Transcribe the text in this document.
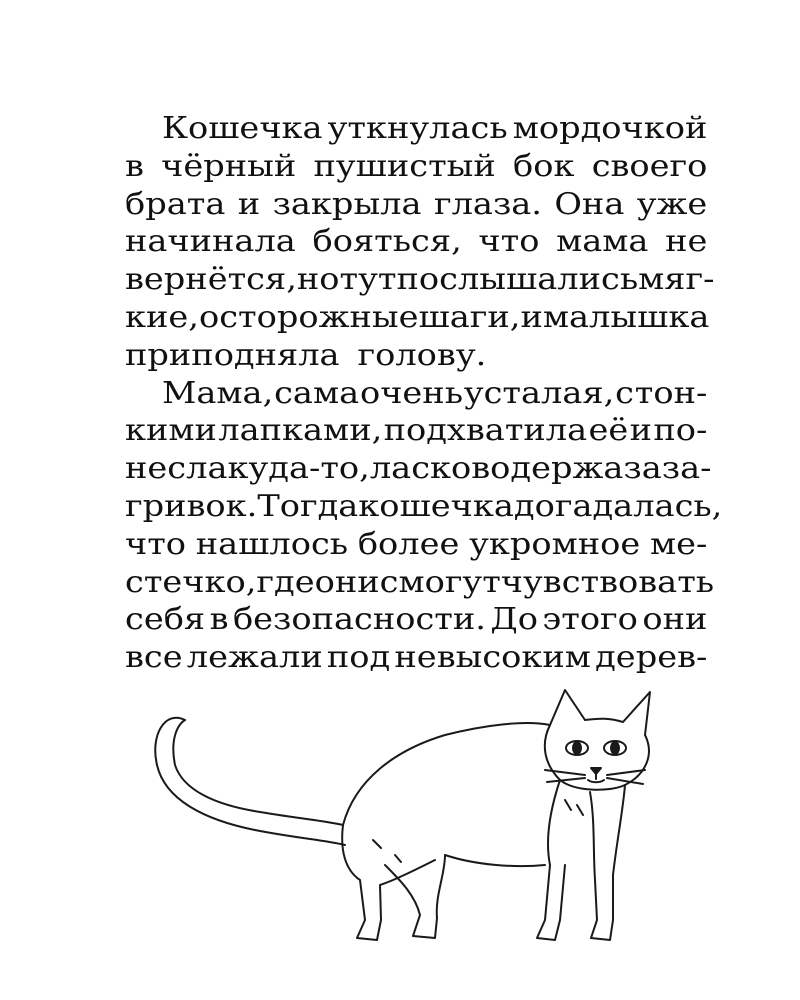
Кошечка уткнулась мордочкой
в чёрный пушистый бок своего
брата и закрыла глаза. Она уже
начинала бояться, что мама не
вернётся, но тут послышались мяг-
кие, осторожные шаги, и малышка
приподняла голову.
Мама, сама очень усталая, с тон-
кими лапками, подхватила её и по-
несла куда-то, ласково держа за за-
гривок. Тогда кошечка догадалась,
что нашлось более укромное ме-
стечко, где они смогут чувствовать
себя в безопасности. До этого они
все лежали под невысоким дерев-
